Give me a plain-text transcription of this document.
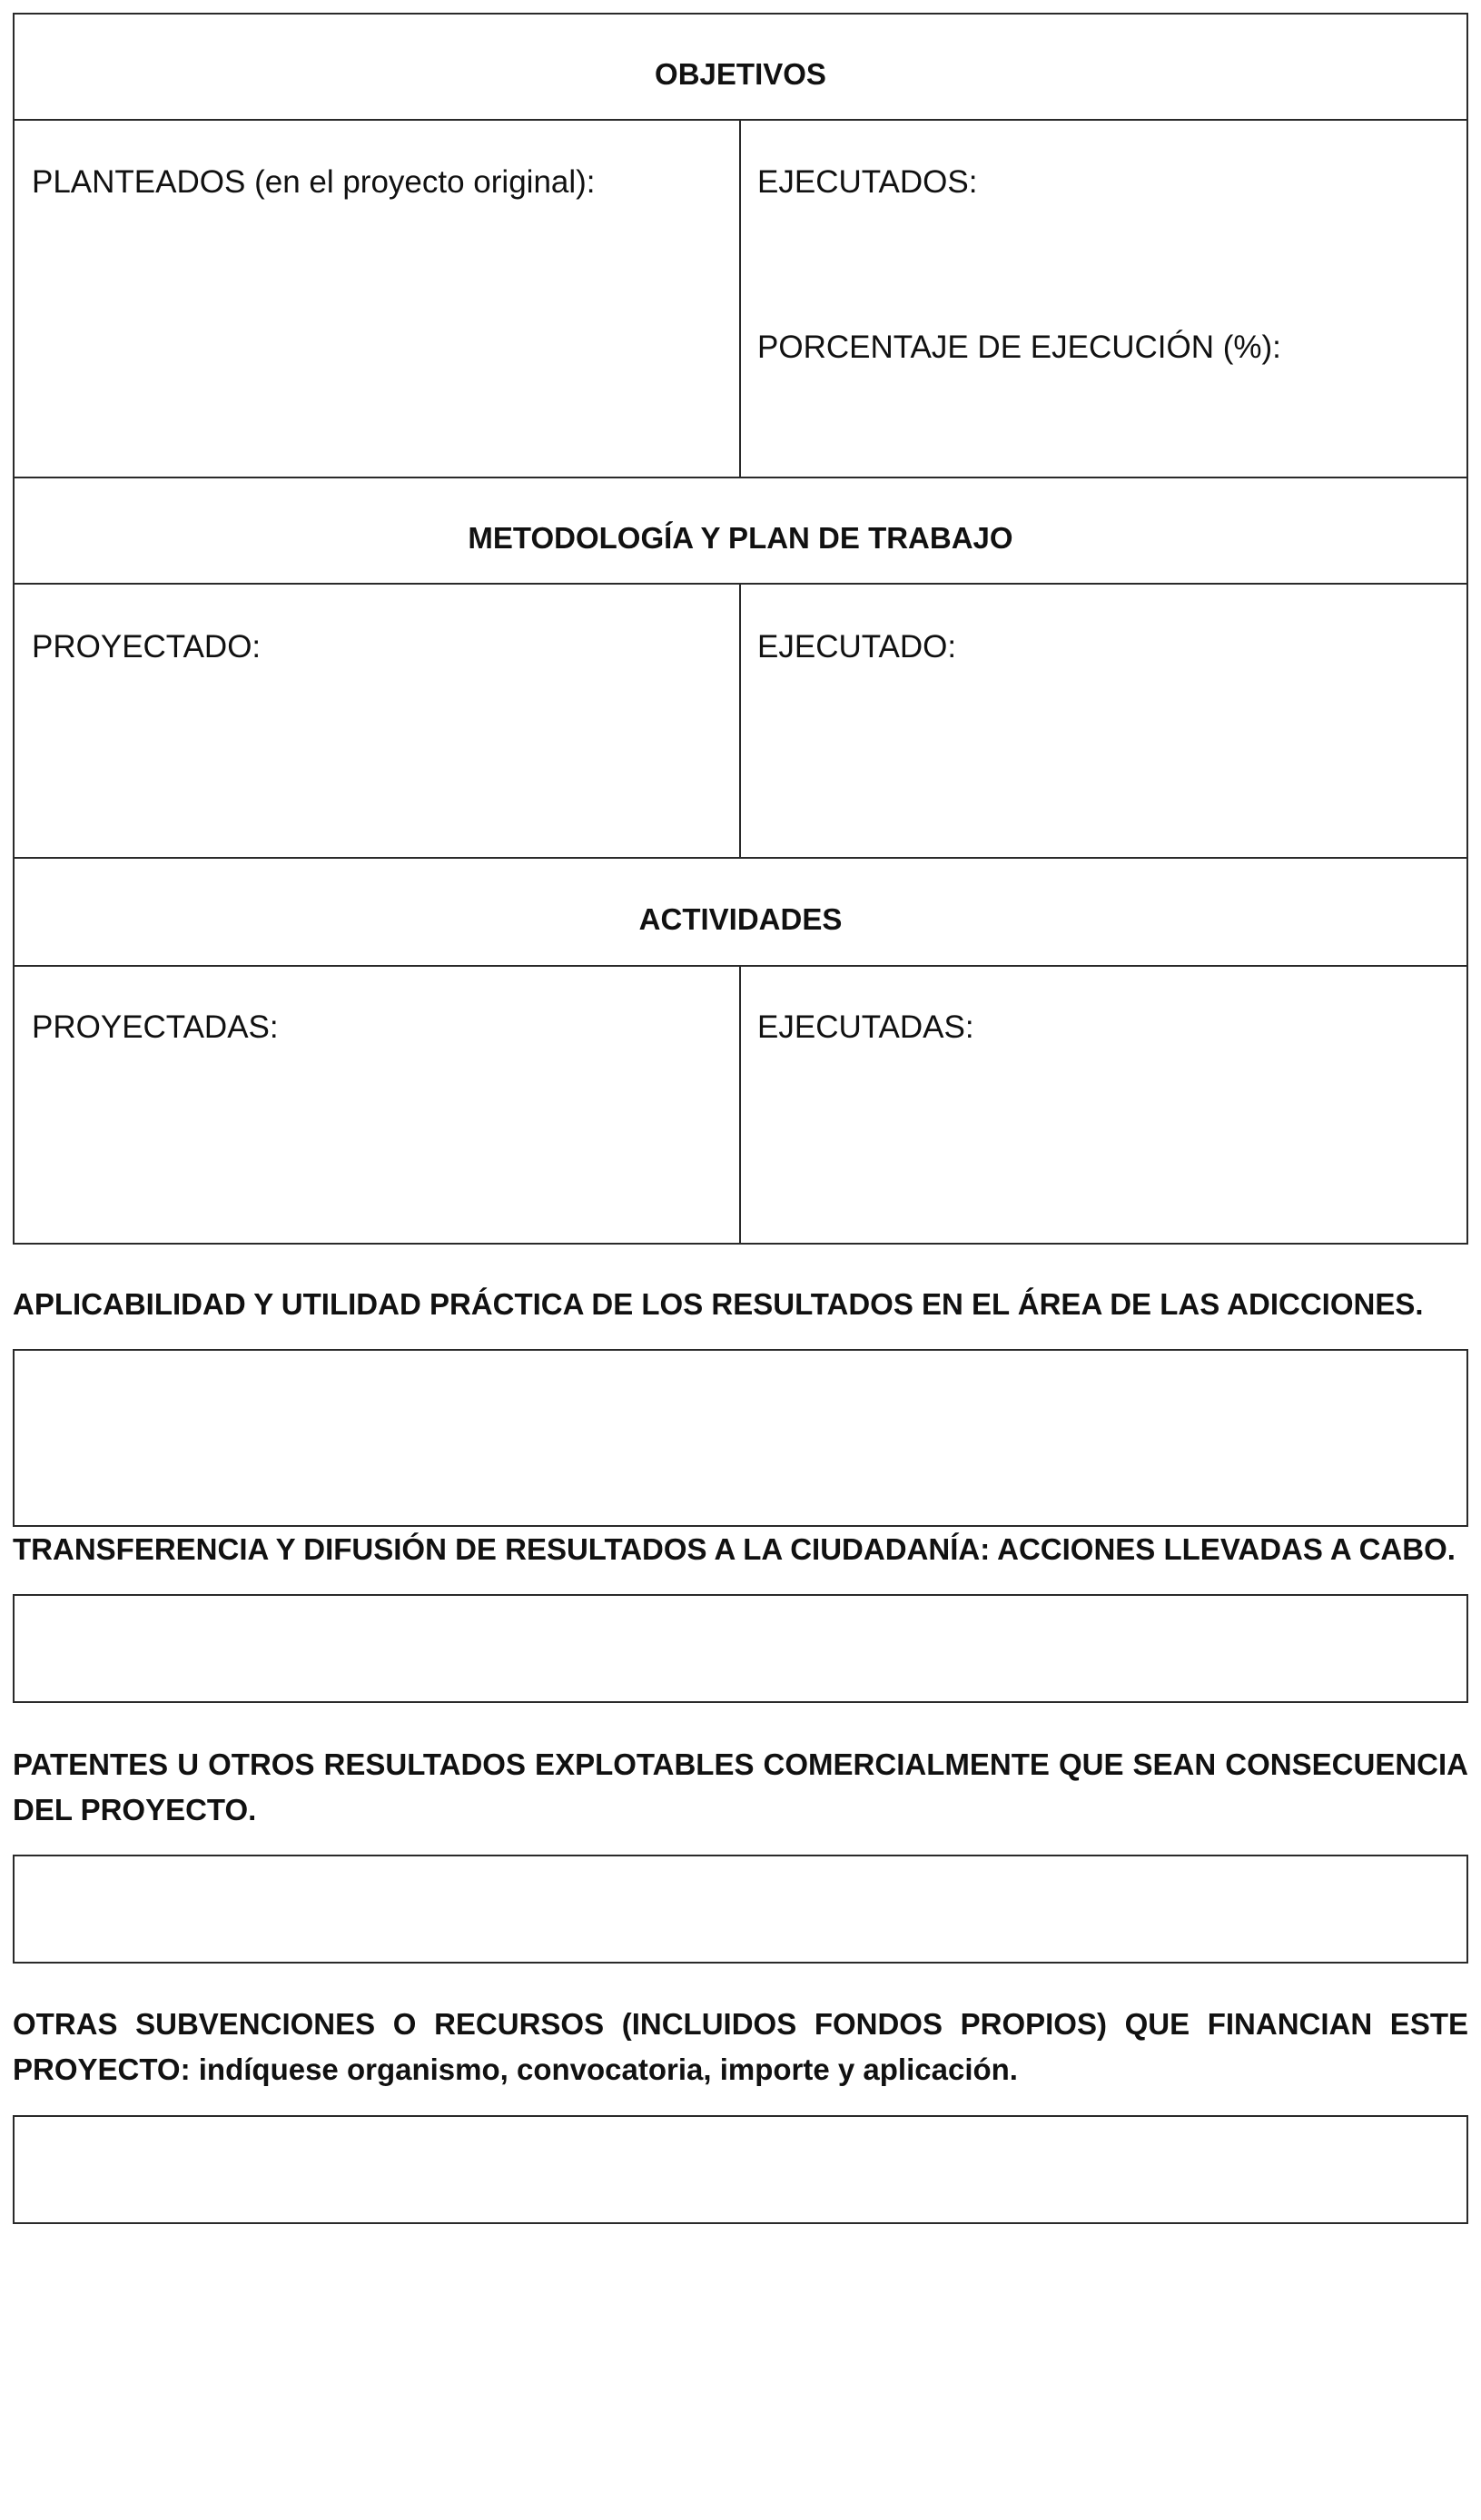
OBJETIVOS
PLANTEADOS (en el proyecto original):	EJECUTADOS:
PORCENTAJE DE EJECUCIÓN (%):
METODOLOGÍA Y PLAN DE TRABAJO
PROYECTADO:	EJECUTADO:
ACTIVIDADES
PROYECTADAS:	EJECUTADAS:
APLICABILIDAD Y UTILIDAD PRÁCTICA DE LOS RESULTADOS EN EL ÁREA DE LAS ADICCIONES.
TRANSFERENCIA Y DIFUSIÓN DE RESULTADOS A LA CIUDADANÍA: ACCIONES LLEVADAS A CABO.
PATENTES U OTROS RESULTADOS EXPLOTABLES COMERCIALMENTE QUE SEAN CONSECUENCIA DEL PROYECTO.
OTRAS SUBVENCIONES O RECURSOS (INCLUIDOS FONDOS PROPIOS) QUE FINANCIAN ESTE PROYECTO: indíquese organismo, convocatoria, importe y aplicación.
